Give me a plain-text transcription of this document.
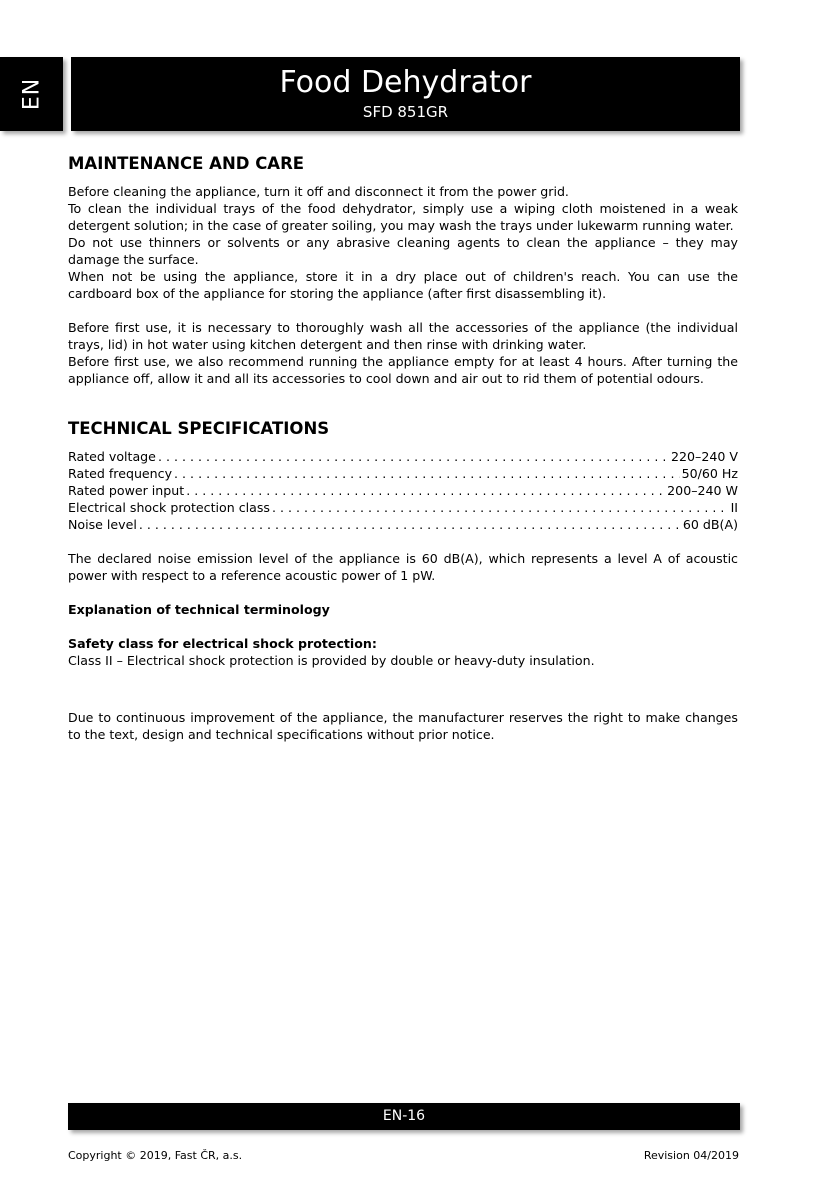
EN	Food Dehydrator
SFD 851GR
MAINTENANCE AND CARE

Before cleaning the appliance, turn it off and disconnect it from the power grid.

To clean the individual trays of the food dehydrator, simply use a wiping cloth moistened in a weak detergent solution; in the case of greater soiling, you may wash the trays under lukewarm running water.

Do not use thinners or solvents or any abrasive cleaning agents to clean the appliance – they may damage the surface.

When not be using the appliance, store it in a dry place out of children's reach. You can use the cardboard box of the appliance for storing the appliance (after first disassembling it).

Before first use, it is necessary to thoroughly wash all the accessories of the appliance (the individual trays, lid) in hot water using kitchen detergent and then rinse with drinking water.

Before first use, we also recommend running the appliance empty for at least 4 hours. After turning the appliance off, allow it and all its accessories to cool down and air out to rid them of potential odours.

TECHNICAL SPECIFICATIONS
Rated voltage . . .	220–240 V
Rated frequency . . .	50/60 Hz
Rated power input . . .	200–240 W
Electrical shock protection class . . .	II
Noise level . . .	60 dB(A)

The declared noise emission level of the appliance is 60 dB(A), which represents a level A of acoustic power with respect to a reference acoustic power of 1 pW.

Explanation of technical terminology

Safety class for electrical shock protection:

Class II – Electrical shock protection is provided by double or heavy-duty insulation.

Due to continuous improvement of the appliance, the manufacturer reserves the right to make changes to the text, design and technical specifications without prior notice.

EN-16
Copyright © 2019, Fast ČR, a.s.	Revision 04/2019
